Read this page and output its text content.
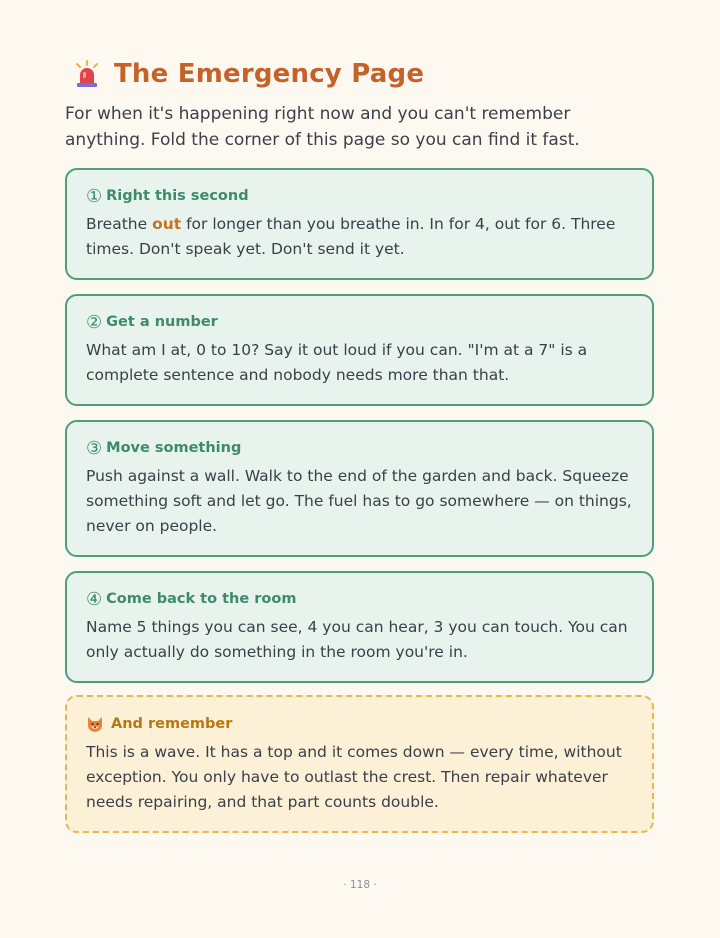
The Emergency Page
For when it's happening right now and you can't remember anything. Fold the corner of this page so you can find it fast.
① Right this second
Breathe out for longer than you breathe in. In for 4, out for 6. Three times. Don't speak yet. Don't send it yet.
② Get a number
What am I at, 0 to 10? Say it out loud if you can. "I'm at a 7" is a complete sentence and nobody needs more than that.
③ Move something
Push against a wall. Walk to the end of the garden and back. Squeeze something soft and let go. The fuel has to go somewhere — on things, never on people.
④ Come back to the room
Name 5 things you can see, 4 you can hear, 3 you can touch. You can only actually do something in the room you're in.
And remember
This is a wave. It has a top and it comes down — every time, without exception. You only have to outlast the crest. Then repair whatever needs repairing, and that part counts double.
· 118 ·
